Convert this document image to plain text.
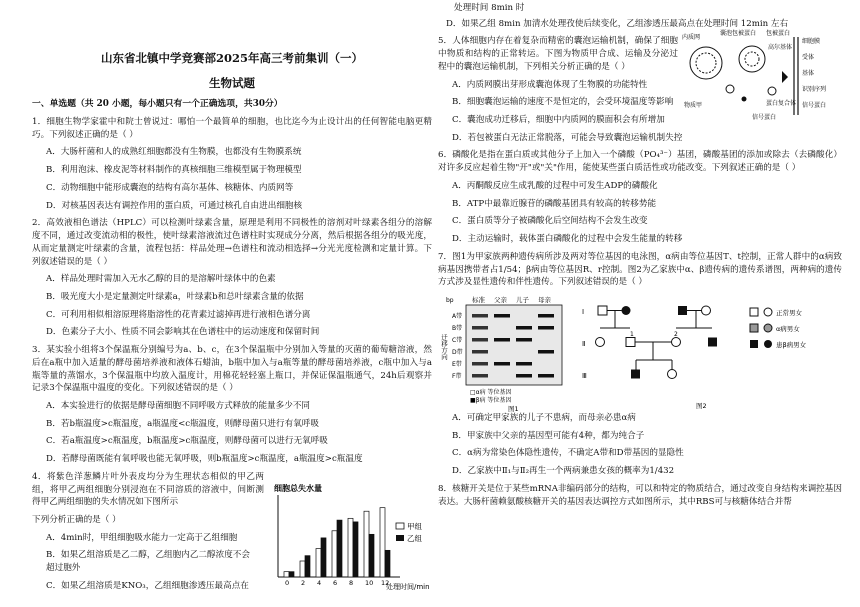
山东省北镇中学竞赛部2025年高三考前集训（一）

生物试题

一、单选题（共 20 小题，每小题只有一个正确选项，共30分）

1．细胞生物学家霍中和院士曾说过：哪怕一个最简单的细胞，也比迄今为止设计出的任何智能电脑更精巧。下列叙述正确的是（ ）

A．大肠杆菌和人的成熟红细胞都没有生物膜，也都没有生物膜系统

B．利用泡沫、橡皮泥等材料制作的真核细胞三维模型属于物理模型

C．动物细胞中能形成囊泡的结构有高尔基体、核糖体、内质网等

D．对核基因表达有调控作用的蛋白质，可通过核孔自由进出细胞核

2．高效液相色谱法（HPLC）可以检测叶绿素含量，原理是利用不同极性的溶剂对叶绿素各组分的溶解度不同，通过改变流动相的极性，使叶绿素溶液流过色谱柱时实现成分分离，然后根据各组分的吸光度，从而定量测定叶绿素的含量，流程包括：样品处理→色谱柱和流动相选择→分光光度检测和定量计算。下列叙述错误的是（ ）

A．样品处理时需加入无水乙醇的目的是溶解叶绿体中的色素

B．吸光度大小是定量测定叶绿素a，叶绿素b和总叶绿素含量的依据

C．可利用相似相溶原理将脂溶性的花青素过滤掉再进行液相色谱分离

D．色素分子大小、性质不同会影响其在色谱柱中的运动速度和保留时间

3．某实验小组将3个保温瓶分别编号为a、b、c，在3个保温瓶中分别加入等量的灭菌的葡萄糖溶液，然后在a瓶中加入适量的酵母菌培养液和液体石蜡油，b瓶中加入与a瓶等量的酵母菌培养液，c瓶中加入与a瓶等量的蒸馏水，3个保温瓶中均放入温度计，用棉花轻轻塞上瓶口，并保证保温瓶通气，24h后观察并记录3个保温瓶中温度的变化。下列叙述错误的是（ ）

A．本实验进行的依据是酵母菌细胞不同呼吸方式释放的能量多少不同

B．若b瓶温度>c瓶温度，a瓶温度<c瓶温度，则酵母菌只进行有氧呼吸

C．若a瓶温度>c瓶温度，b瓶温度>c瓶温度，则酵母菌可以进行无氧呼吸

D．若酵母菌既能有氧呼吸也能无氧呼吸，则b瓶温度>c瓶温度，a瓶温度>c瓶温度

4．将紫色洋葱鳞片叶外表皮均分为生理状态相似的甲乙两组，将甲乙两组细胞分别浸泡在不同溶质的溶液中，间断测得甲乙两组细胞的失水情况如下图所示

下列分析正确的是（ ）

A．4min时，甲组细胞吸水能力一定高于乙组细胞

B．如果乙组溶质是乙二醇，乙组胞内乙二醇浓度不会

超过胞外

C．如果乙组溶质是KNO₃，乙组细胞渗透压最高点在

细胞总失水量
0 2 4 6 8 10 12
处理时间/min
甲组
乙组

处理时间 8min 时

D．如果乙组 8min 加清水处理孜使后续变化，乙组渗透压最高点在处理时间 12min 左右

5．人体细胞内存在着复杂而精密的囊泡运输机制，确保了细胞中物质和结构的正常转运。下图为物质甲合成、运输及分泌过程中的囊泡运输机制，下列相关分析正确的是（ ）

A．内质网膜出芽形成囊泡体现了生物膜的功能特性

B．细胞囊泡运输的速度不是恒定的，会受环境温度等影响

C．囊泡成功迁移后，细胞中内质网的膜面积会有所增加

D．若包被蛋白无法正常脱落，可能会导致囊泡运输机制失控

内质网
囊泡包被蛋白 包被蛋白
高尔基体
物质甲
信号蛋白
蛋白复合体
细胞膜
受体
基体
识别序列
信号蛋白

6．磷酸化是指在蛋白质或其他分子上加入一个磷酸（PO₄³⁻）基团，磷酸基团的添加或除去（去磷酸化）对许多反应起着生物"开"或"关"作用，能使某些蛋白质活性或功能改变。下列叙述正确的是（ ）

A．丙酮酸反应生成乳酸的过程中可发生ADP的磷酸化

B．ATP中最靠近腺苷的磷酸基团具有较高的转移势能

C．蛋白质等分子被磷酸化后空间结构不会发生改变

D．主动运输时，载体蛋白磷酸化的过程中会发生能量的转移

7．图1为甲家族两种遗传病所涉及两对等位基因的电泳图，α病由等位基因T、t控制，正常人群中的α病致病基因携带者占1/54；β病由等位基因R、r控制。图2为乙家族中α、β遗传病的遗传系谱图，两种病的遗传方式涉及显性遗传和伴性遗传。下列叙述错误的是（ ）

bp	标准 父亲 儿子 母亲
A带
B带
C带
D带
E带
F带
迁移方向
□α病 等位基因
■β病 等位基因
图1
Ⅰ
Ⅱ
Ⅲ
1	2
正常男女
α病男女
患β病男女
图2

A．可确定甲家族的儿子不患病，而母亲必患α病

B．甲家族中父亲的基因型可能有4种，都为纯合子

C．α病为常染色体隐性遗传，不确定A带和D带基因的显隐性

D．乙家族中Ⅱ₁与Ⅱ₂再生一个两病兼患女孩的概率为1/432

8．核糖开关是位于某些mRNA非编码部分的结构，可以和特定的物质结合，通过改变自身结构来调控基因表达。大肠杆菌赖氨酸核糖开关的基因表达调控方式如图所示，其中RBS可与核糖体结合并帮
